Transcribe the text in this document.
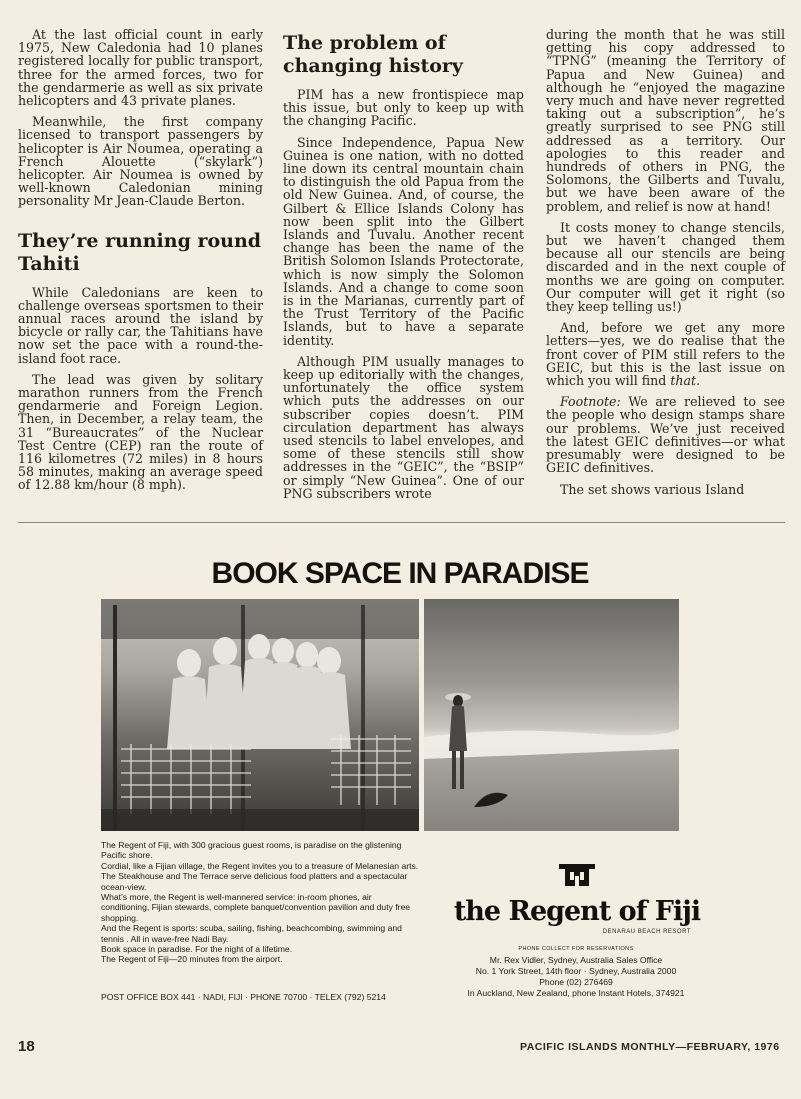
At the last official count in early 1975, New Caledonia had 10 planes registered locally for public transport, three for the armed forces, two for the gendarmerie as well as six private helicopters and 43 private planes.

Meanwhile, the first company licensed to transport passengers by helicopter is Air Noumea, operating a French Alouette (“skylark”) helicopter. Air Noumea is owned by well-known Caledonian mining personality Mr Jean-Claude Berton.

They’re running round Tahiti

While Caledonians are keen to challenge overseas sportsmen to their annual races around the island by bicycle or rally car, the Tahitians have now set the pace with a round-the-island foot race.

The lead was given by solitary marathon runners from the French gendarmerie and Foreign Legion. Then, in December, a relay team, the 31 “Bureaucrates” of the Nuclear Test Centre (CEP) ran the route of 116 kilometres (72 miles) in 8 hours 58 minutes, making an average speed of 12.88 km/hour (8 mph).

The problem of changing history

PIM has a new frontispiece map this issue, but only to keep up with the changing Pacific.

Since Independence, Papua New Guinea is one nation, with no dotted line down its central mountain chain to distinguish the old Papua from the old New Guinea. And, of course, the Gilbert & Ellice Islands Colony has now been split into the Gilbert Islands and Tuvalu. Another recent change has been the name of the British Solomon Islands Protectorate, which is now simply the Solomon Islands. And a change to come soon is in the Marianas, currently part of the Trust Territory of the Pacific Islands, but to have a separate identity.

Although PIM usually manages to keep up editorially with the changes, unfortunately the office system which puts the addresses on our subscriber copies doesn’t. PIM circulation department has always used stencils to label envelopes, and some of these stencils still show addresses in the “GEIC”, the “BSIP” or simply “New Guinea”. One of our PNG subscribers wrote

during the month that he was still getting his copy addressed to “TPNG” (meaning the Territory of Papua and New Guinea) and although he “enjoyed the magazine very much and have never regretted taking out a subscription”, he’s greatly surprised to see PNG still addressed as a territory. Our apologies to this reader and hundreds of others in PNG, the Solomons, the Gilberts and Tuvalu, but we have been aware of the problem, and relief is now at hand!

It costs money to change stencils, but we haven’t changed them because all our stencils are being discarded and in the next couple of months we are going on computer. Our computer will get it right (so they keep telling us!)

And, before we get any more letters—yes, we do realise that the front cover of PIM still refers to the GEIC, but this is the last issue on which you will find that.

Footnote: We are relieved to see the people who design stamps share our problems. We’ve just received the latest GEIC definitives—or what presumably were designed to be GEIC definitives.

The set shows various Island

BOOK SPACE IN PARADISE

The Regent of Fiji, with 300 gracious guest rooms, is paradise on the glistening Pacific shore.

Cordial, like a Fijian village, the Regent invites you to a treasure of Melanesian arts. The Steakhouse and The Terrace serve delicious food platters and a spectacular ocean-view.

What’s more, the Regent is well-mannered service: in-room phones, air conditioning, Fijian stewards, complete banquet/convention pavilion and duty free shopping.

And the Regent is sports: scuba, sailing, fishing, beachcombing, swimming and tennis . All in wave-free Nadi Bay.

Book space in paradise. For the night of a lifetime.

The Regent of Fiji—20 minutes from the airport.

POST OFFICE BOX 441 · NADI, FIJI · PHONE 70700 · TELEX (792) 5214
the Regent of Fiji
DENARAU BEACH RESORT
PHONE COLLECT FOR RESERVATIONS
Mr. Rex Vidler, Sydney, Australia Sales Office
No. 1 York Street, 14th floor · Sydney, Australia 2000
Phone (02) 276469
In Auckland, New Zealand, phone Instant Hotels, 374921
18	PACIFIC ISLANDS MONTHLY—FEBRUARY, 1976
